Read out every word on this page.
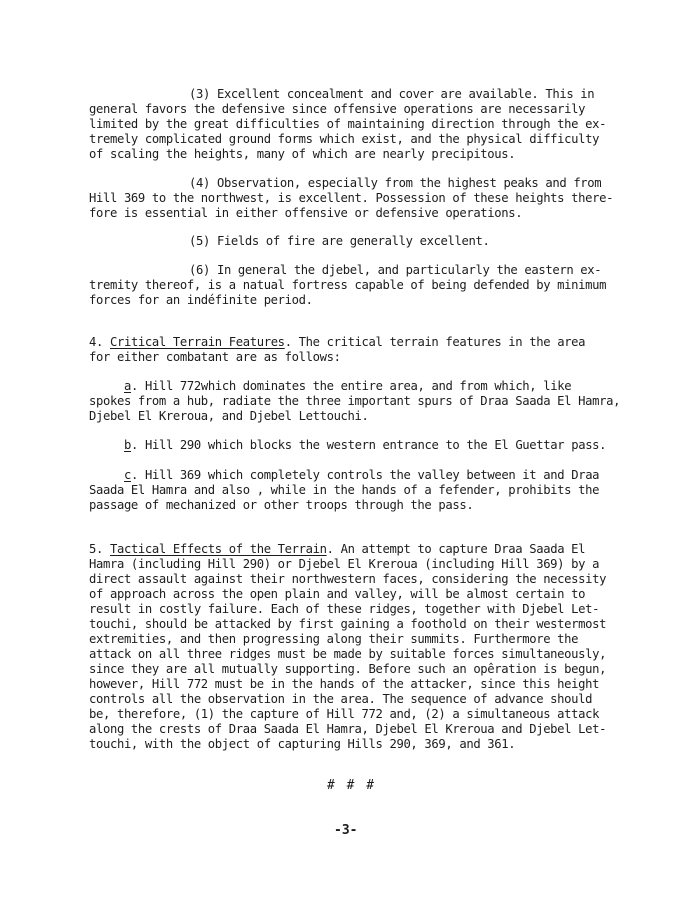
(3) Excellent concealment and cover are available. This in

general favors the defensive since offensive operations are necessarily

limited by the great difficulties of maintaining direction through the ex-

tremely complicated ground forms which exist, and the physical difficulty

of scaling the heights, many of which are nearly precipitous.

(4) Observation, especially from the highest peaks and from

Hill 369 to the northwest, is excellent. Possession of these heights there-

fore is essential in either offensive or defensive operations.

(5) Fields of fire are generally excellent.

(6) In general the djebel, and particularly the eastern ex-

tremity thereof, is a natual fortress capable of being defended by minimum

forces for an indéfinite period.

4. Critical Terrain Features. The critical terrain features in the area

for either combatant are as follows:

a. Hill 772which dominates the entire area, and from which, like

spokes from a hub, radiate the three important spurs of Draa Saada El Hamra,

Djebel El Kreroua, and Djebel Lettouchi.

b. Hill 290 which blocks the western entrance to the El Guettar pass.

c. Hill 369 which completely controls the valley between it and Draa

Saada El Hamra and also , while in the hands of a fefender, prohibits the

passage of mechanized or other troops through the pass.

5. Tactical Effects of the Terrain. An attempt to capture Draa Saada El

Hamra (including Hill 290) or Djebel El Kreroua (including Hill 369) by a

direct assault against their northwestern faces, considering the necessity

of approach across the open plain and valley, will be almost certain to

result in costly failure. Each of these ridges, together with Djebel Let-

touchi, should be attacked by first gaining a foothold on their westermost

extremities, and then progressing along their summits. Furthermore the

attack on all three ridges must be made by suitable forces simultaneously,

since they are all mutually supporting. Before such an opêration is begun,

however, Hill 772 must be in the hands of the attacker, since this height

controls all the observation in the area. The sequence of advance should

be, therefore, (1) the capture of Hill 772 and, (2) a simultaneous attack

along the crests of Draa Saada El Hamra, Djebel El Kreroua and Djebel Let-

touchi, with the object of capturing Hills 290, 369, and 361.

# # #
-3-
